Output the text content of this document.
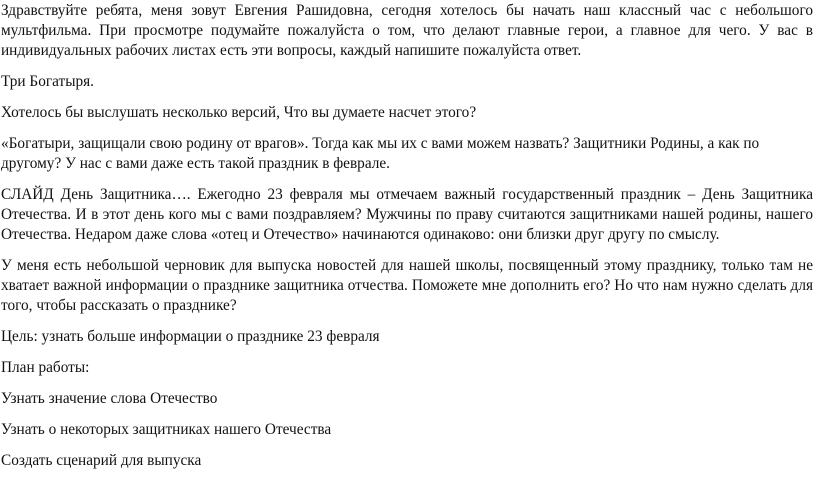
Здравствуйте ребята, меня зовут Евгения Рашидовна, сегодня хотелось бы начать наш классный час с небольшого мультфильма. При просмотре подумайте пожалуйста о том, что делают главные герои, а главное для чего. У вас в индивидуальных рабочих листах есть эти вопросы, каждый напишите пожалуйста ответ.

Три Богатыря.

Хотелось бы выслушать несколько версий, Что вы думаете насчет этого?

«Богатыри, защищали свою родину от врагов». Тогда как мы их с вами можем назвать? Защитники Родины, а как по другому? У нас с вами даже есть такой праздник в феврале.

СЛАЙД День Защитника…. Ежегодно 23 февраля мы отмечаем важный государственный праздник – День Защитника Отечества. И в этот день кого мы с вами поздравляем? Мужчины по праву считаются защитниками нашей родины, нашего Отечества. Недаром даже слова «отец и Отечество» начинаются одинаково: они близки друг другу по смыслу.

У меня есть небольшой черновик для выпуска новостей для нашей школы, посвященный этому празднику, только там не хватает важной информации о празднике защитника отчества. Поможете мне дополнить его? Но что нам нужно сделать для того, чтобы рассказать о празднике?

Цель: узнать больше информации о празднике 23 февраля

План работы:

Узнать значение слова Отечество

Узнать о некоторых защитниках нашего Отечества

Создать сценарий для выпуска
